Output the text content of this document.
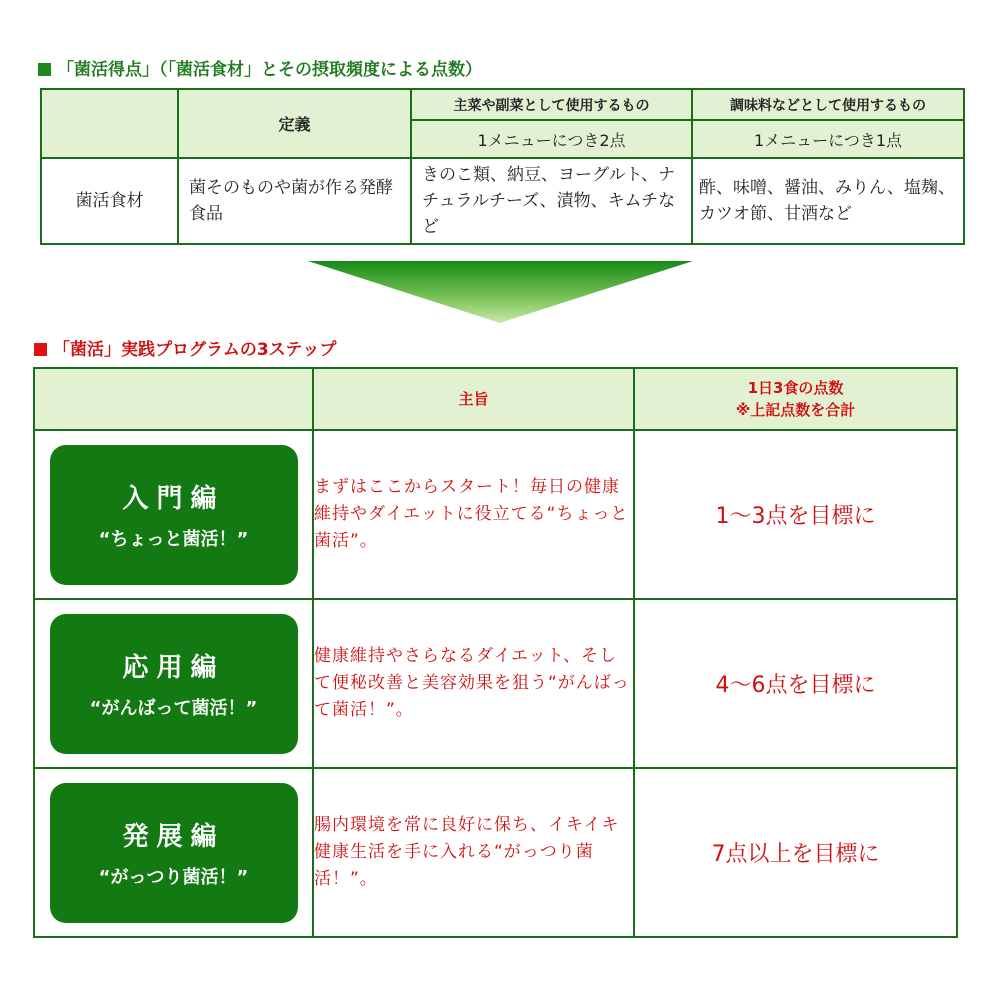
「菌活得点」（「菌活食材」とその摂取頻度による点数）
	定義	主菜や副菜として使用するもの	調味料などとして使用するもの
		1メニューにつき2点	1メニューにつき1点
菌活食材	菌そのものや菌が作る発酵食品	きのこ類、納豆、ヨーグルト、ナチュラルチーズ、漬物、キムチなど	酢、味噌、醤油、みりん、塩麹、カツオ節、甘酒など
「菌活」実践プログラムの3ステップ
	主旨	1日3食の点数
※上記点数を合計

入門編
“ちょっと菌活！”	まずはここからスタート！毎日の健康維持やダイエットに役立てる“ちょっと菌活”。	1～3点を目標に

応用編
“がんばって菌活！”	健康維持やさらなるダイエット、そして便秘改善と美容効果を狙う“がんばって菌活！”。	4～6点を目標に

発展編
“がっつり菌活！”	腸内環境を常に良好に保ち、イキイキ健康生活を手に入れる“がっつり菌活！”。	7点以上を目標に
